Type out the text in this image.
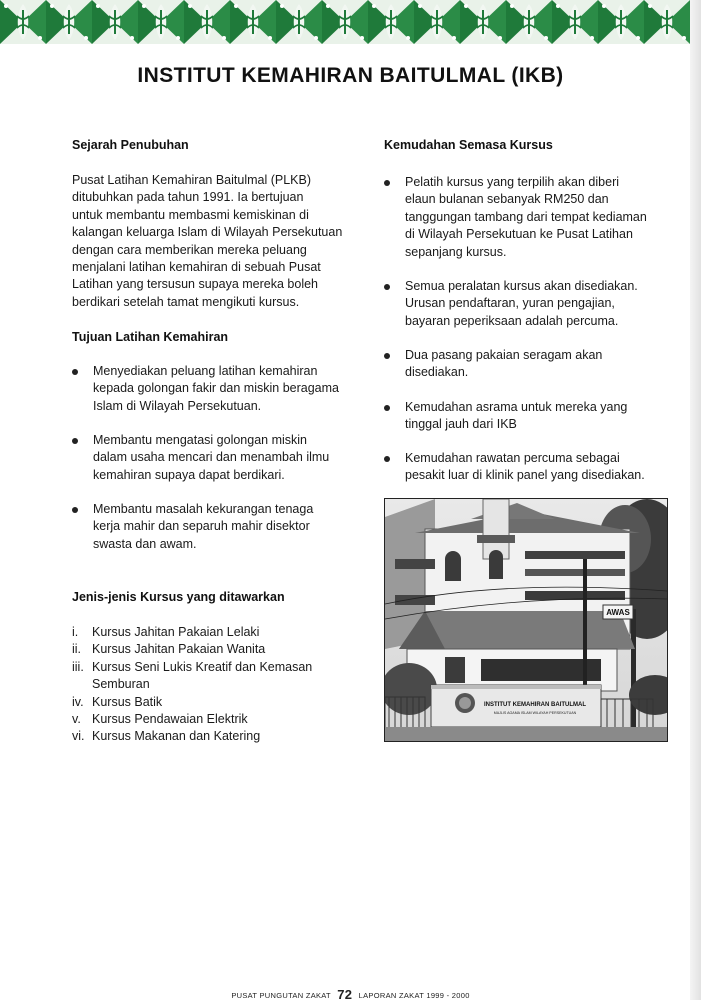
INSTITUT KEMAHIRAN BAITULMAL (IKB)
Sejarah Penubuhan

Pusat Latihan Kemahiran Baitulmal (PLKB)

ditubuhkan pada tahun 1991. Ia bertujuan

untuk membantu membasmi kemiskinan di

kalangan keluarga Islam di Wilayah Persekutuan

dengan cara memberikan mereka peluang

menjalani latihan kemahiran di sebuah Pusat

Latihan yang tersusun supaya mereka boleh

berdikari setelah tamat mengikuti kursus.

Tujuan Latihan Kemahiran

Menyediakan peluang latihan kemahiran

kepada golongan fakir dan miskin beragama

Islam di Wilayah Persekutuan.

Membantu mengatasi golongan miskin

dalam usaha mencari dan menambah ilmu

kemahiran supaya dapat berdikari.

Membantu masalah kekurangan tenaga

kerja mahir dan separuh mahir disektor

swasta dan awam.

Jenis-jenis Kursus yang ditawarkan
i.	Kursus Jahitan Pakaian Lelaki
ii. Kursus Jahitan Pakaian Wanita
iii. Kursus Seni Lukis Kreatif dan Kemasan
Semburan
iv. Kursus Batik
v. Kursus Pendawaian Elektrik
vi. Kursus Makanan dan Katering
Kemudahan Semasa Kursus

Pelatih kursus yang terpilih akan diberi

elaun bulanan sebanyak RM250 dan

tanggungan tambang dari tempat kediaman

di Wilayah Persekutuan ke Pusat Latihan

sepanjang kursus.

Semua peralatan kursus akan disediakan.

Urusan pendaftaran, yuran pengajian,

bayaran peperiksaan adalah percuma.

Dua pasang pakaian seragam akan

disediakan.

Kemudahan asrama untuk mereka yang

tinggal jauh dari IKB

Kemudahan rawatan percuma sebagai

pesakit luar di klinik panel yang disediakan.

AWAS
INSTITUT KEMAHIRAN BAITULMAL
MAJLIS AGAMA ISLAM WILAYAH PERSEKUTUAN
PUSAT PUNGUTAN ZAKAT 72 LAPORAN ZAKAT 1999 - 2000
